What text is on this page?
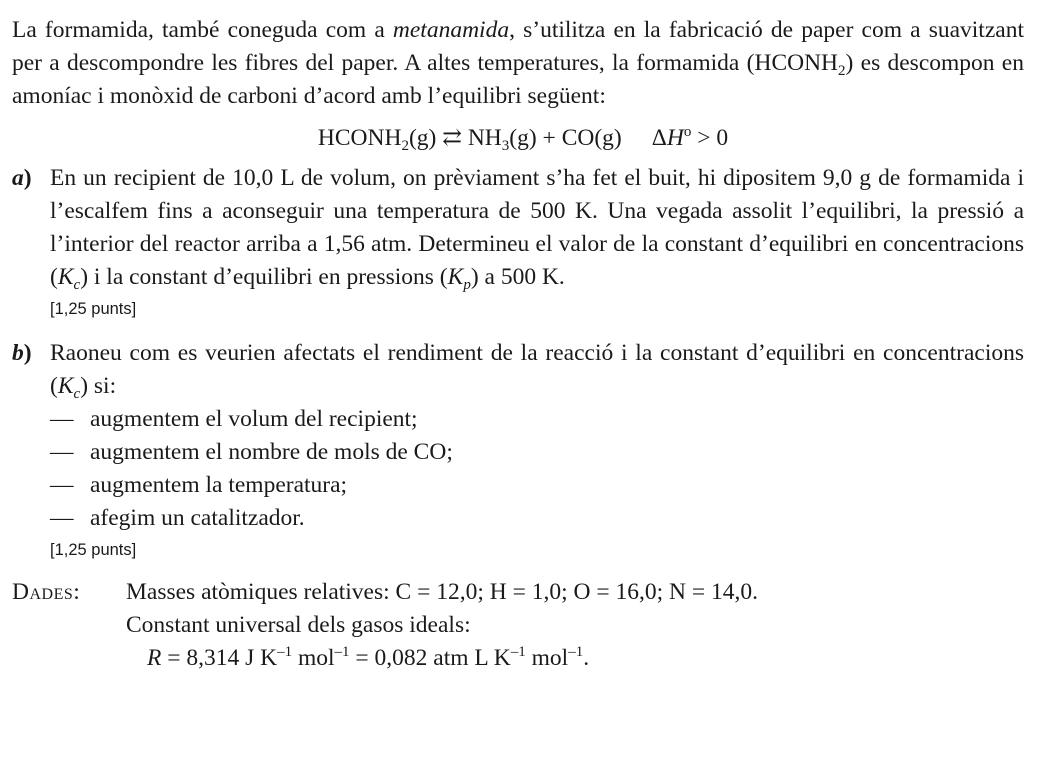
La formamida, també coneguda com a metanamida, s’utilitza en la fabricació de paper com a suavitzant per a descompondre les fibres del paper. A altes temperatures, la formamida $(HCONH_2)$ es descompon en amoníac i monòxid de carboni d’acord amb l’equilibri següent:

$HCONH_2(g)$ ⇄ $NH_3(g) + CO(g) \Delta H^o > 0$
a) En un recipient de 10,0 L de volum, on prèviament s’ha fet el buit, hi dipositem 9,0 g de formamida i l’escalfem fins a aconseguir una temperatura de 500 K. Una vegada assolit l’equilibri, la pressió a l’interior del reactor arriba a 1,56 atm. Determineu el valor de la constant d’equilibri en concentracions $(K_c)$ i la constant d’equilibri en pressions $(K_p)$ a 500 K.

[1,25 punts]
b) Raoneu com es veurien afectats el rendiment de la reacció i la constant d’equilibri en concentracions $(K_c)$ si:

— augmentem el volum del recipient;
— augmentem el nombre de mols de CO;
— augmentem la temperatura;
— afegim un catalitzador.
[1,25 punts]
Dades: Masses atòmiques relatives: C = 12,0; H = 1,0; O = 16,0; N = 14,0.
Constant universal dels gasos ideals:
R = 8,314 J $K^{-1}$ mol$^{-1}$ = 0,082 atm L $K^{-1}$ mol$^{-1}$.
